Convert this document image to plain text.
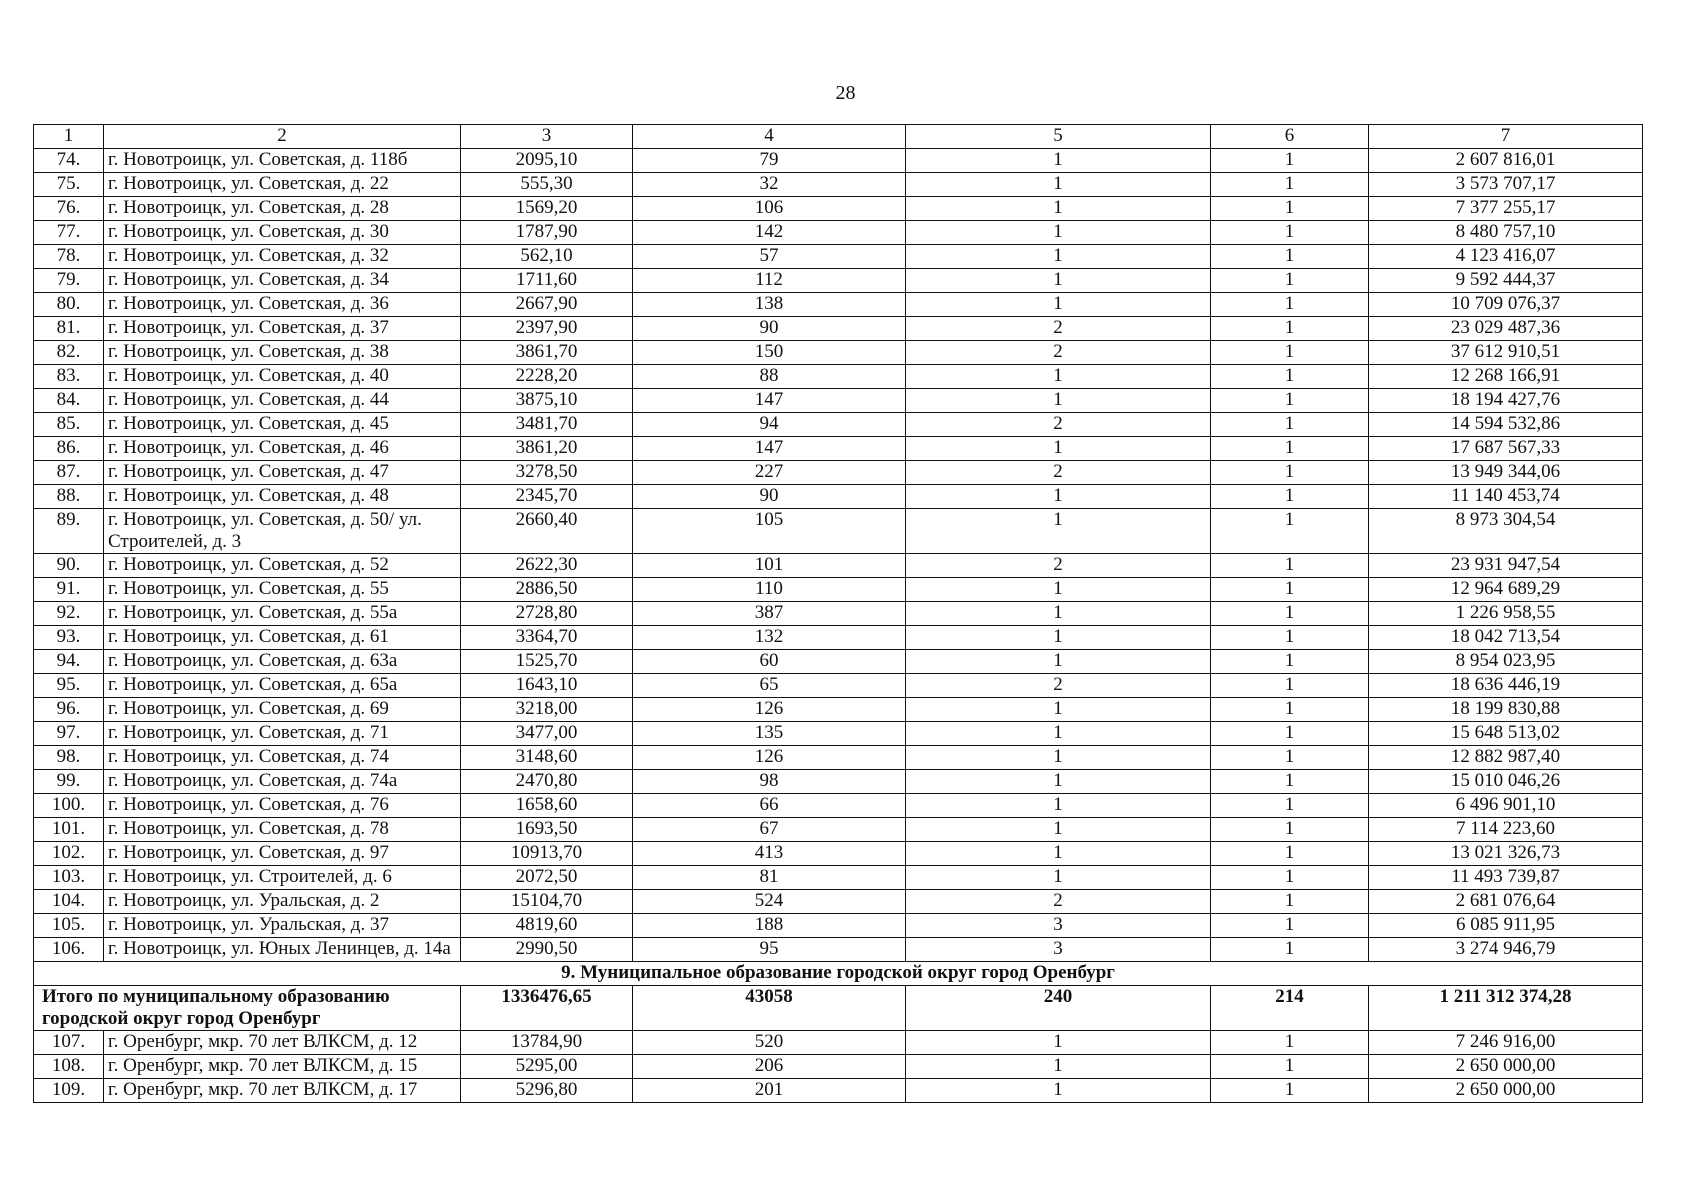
28
1	2	3	4	5	6	7
74.	г. Новотроицк, ул. Советская, д. 118б	2095,10	79	1	1	2 607 816,01
75.	г. Новотроицк, ул. Советская, д. 22	555,30	32	1	1	3 573 707,17
76.	г. Новотроицк, ул. Советская, д. 28	1569,20	106	1	1	7 377 255,17
77.	г. Новотроицк, ул. Советская, д. 30	1787,90	142	1	1	8 480 757,10
78.	г. Новотроицк, ул. Советская, д. 32	562,10	57	1	1	4 123 416,07
79.	г. Новотроицк, ул. Советская, д. 34	1711,60	112	1	1	9 592 444,37
80.	г. Новотроицк, ул. Советская, д. 36	2667,90	138	1	1	10 709 076,37
81.	г. Новотроицк, ул. Советская, д. 37	2397,90	90	2	1	23 029 487,36
82.	г. Новотроицк, ул. Советская, д. 38	3861,70	150	2	1	37 612 910,51
83.	г. Новотроицк, ул. Советская, д. 40	2228,20	88	1	1	12 268 166,91
84.	г. Новотроицк, ул. Советская, д. 44	3875,10	147	1	1	18 194 427,76
85.	г. Новотроицк, ул. Советская, д. 45	3481,70	94	2	1	14 594 532,86
86.	г. Новотроицк, ул. Советская, д. 46	3861,20	147	1	1	17 687 567,33
87.	г. Новотроицк, ул. Советская, д. 47	3278,50	227	2	1	13 949 344,06
88.	г. Новотроицк, ул. Советская, д. 48	2345,70	90	1	1	11 140 453,74
89.	г. Новотроицк, ул. Советская, д. 50/ ул. Строителей, д. 3	2660,40	105	1	1	8 973 304,54
90.	г. Новотроицк, ул. Советская, д. 52	2622,30	101	2	1	23 931 947,54
91.	г. Новотроицк, ул. Советская, д. 55	2886,50	110	1	1	12 964 689,29
92.	г. Новотроицк, ул. Советская, д. 55а	2728,80	387	1	1	1 226 958,55
93.	г. Новотроицк, ул. Советская, д. 61	3364,70	132	1	1	18 042 713,54
94.	г. Новотроицк, ул. Советская, д. 63а	1525,70	60	1	1	8 954 023,95
95.	г. Новотроицк, ул. Советская, д. 65а	1643,10	65	2	1	18 636 446,19
96.	г. Новотроицк, ул. Советская, д. 69	3218,00	126	1	1	18 199 830,88
97.	г. Новотроицк, ул. Советская, д. 71	3477,00	135	1	1	15 648 513,02
98.	г. Новотроицк, ул. Советская, д. 74	3148,60	126	1	1	12 882 987,40
99.	г. Новотроицк, ул. Советская, д. 74а	2470,80	98	1	1	15 010 046,26
100.	г. Новотроицк, ул. Советская, д. 76	1658,60	66	1	1	6 496 901,10
101.	г. Новотроицк, ул. Советская, д. 78	1693,50	67	1	1	7 114 223,60
102.	г. Новотроицк, ул. Советская, д. 97	10913,70	413	1	1	13 021 326,73
103.	г. Новотроицк, ул. Строителей, д. 6	2072,50	81	1	1	11 493 739,87
104.	г. Новотроицк, ул. Уральская, д. 2	15104,70	524	2	1	2 681 076,64
105.	г. Новотроицк, ул. Уральская, д. 37	4819,60	188	3	1	6 085 911,95
106.	г. Новотроицк, ул. Юных Ленинцев, д. 14а	2990,50	95	3	1	3 274 946,79
9. Муниципальное образование городской округ город Оренбург						
Итого по муниципальному образованию городской округ город Оренбург		1336476,65	43058	240	214	1 211 312 374,28
107.	г. Оренбург, мкр. 70 лет ВЛКСМ, д. 12	13784,90	520	1	1	7 246 916,00
108.	г. Оренбург, мкр. 70 лет ВЛКСМ, д. 15	5295,00	206	1	1	2 650 000,00
109.	г. Оренбург, мкр. 70 лет ВЛКСМ, д. 17	5296,80	201	1	1	2 650 000,00
